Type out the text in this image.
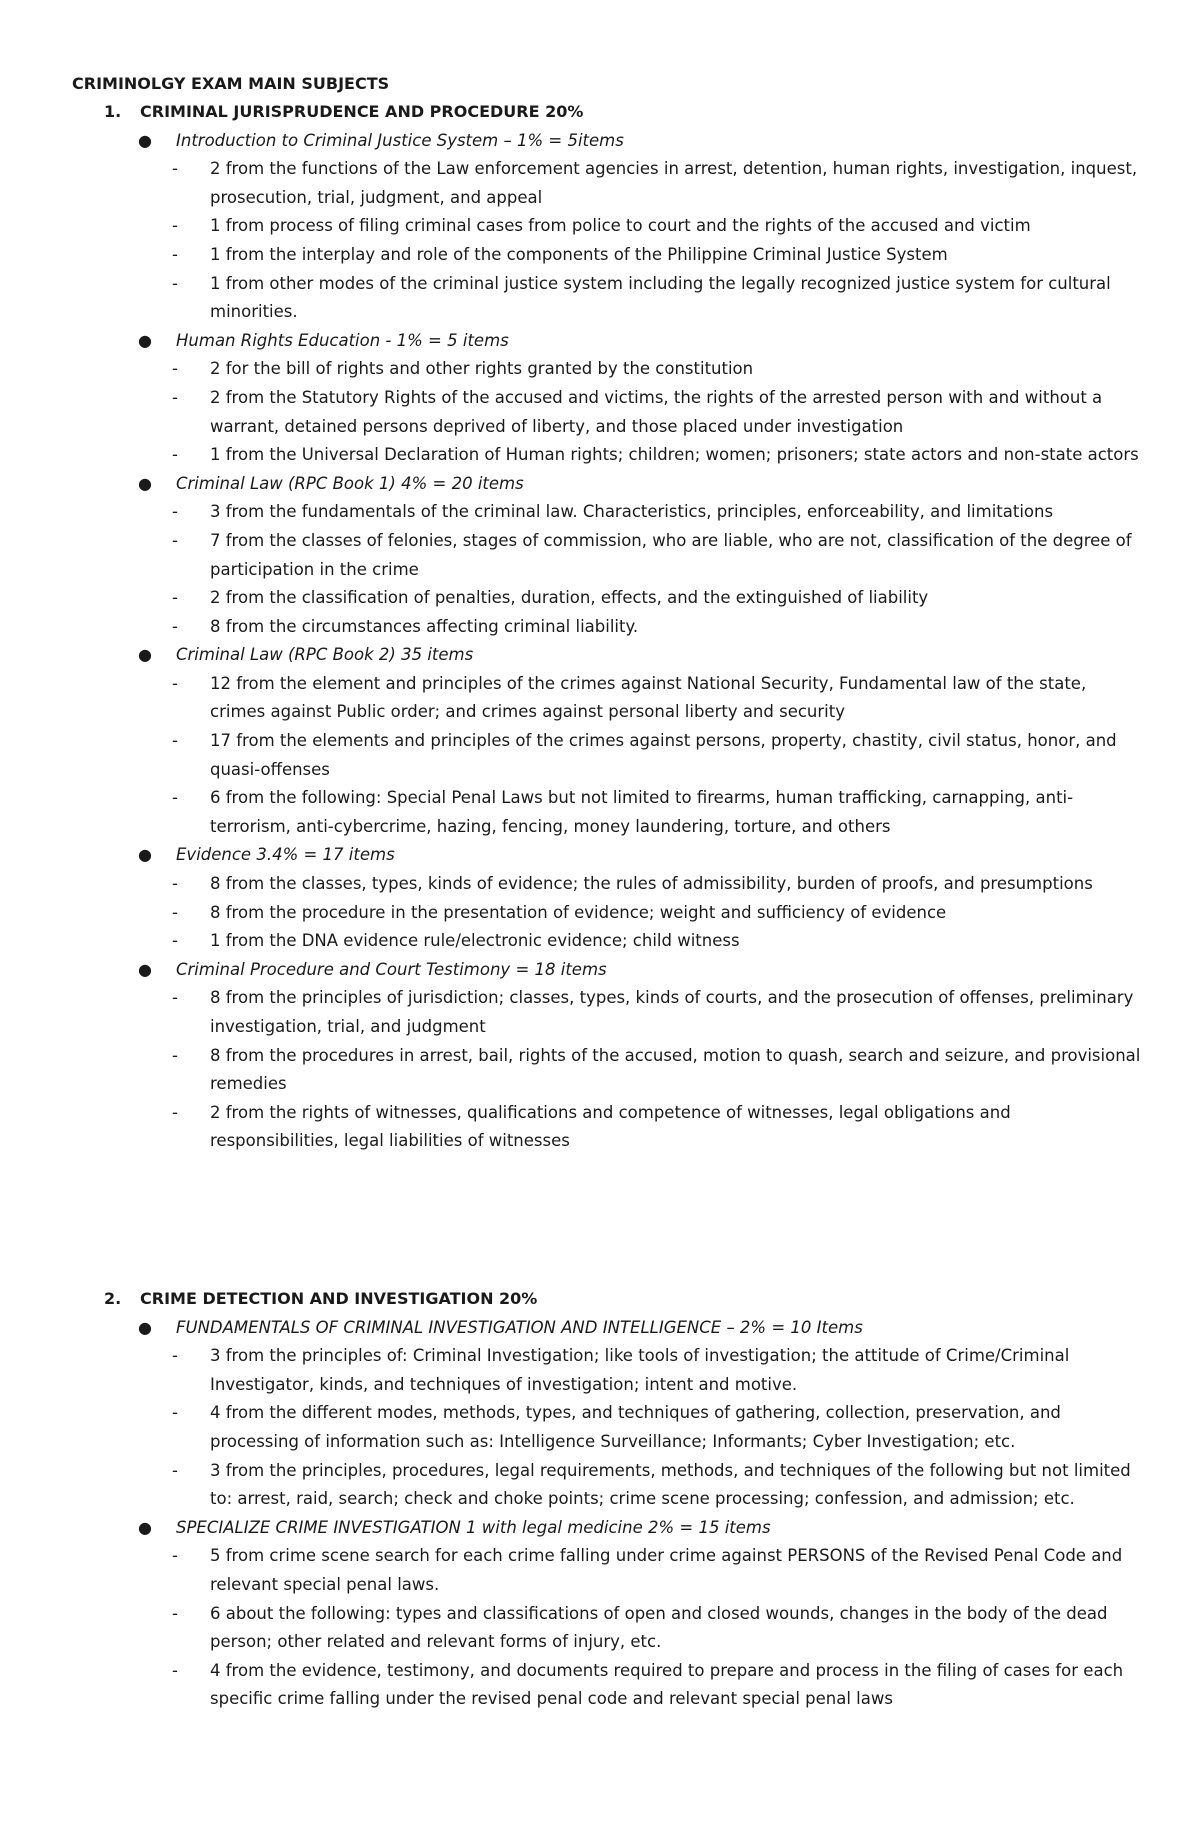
CRIMINOLGY EXAM MAIN SUBJECTS
1. CRIMINAL JURISPRUDENCE AND PROCEDURE 20%
● Introduction to Criminal Justice System – 1% = 5items
- 2 from the functions of the Law enforcement agencies in arrest, detention, human rights, investigation, inquest, prosecution, trial, judgment, and appeal
- 1 from process of filing criminal cases from police to court and the rights of the accused and victim
- 1 from the interplay and role of the components of the Philippine Criminal Justice System
- 1 from other modes of the criminal justice system including the legally recognized justice system for cultural minorities.
● Human Rights Education - 1% = 5 items
- 2 for the bill of rights and other rights granted by the constitution
- 2 from the Statutory Rights of the accused and victims, the rights of the arrested person with and without a warrant, detained persons deprived of liberty, and those placed under investigation
- 1 from the Universal Declaration of Human rights; children; women; prisoners; state actors and non-state actors
● Criminal Law (RPC Book 1) 4% = 20 items
- 3 from the fundamentals of the criminal law. Characteristics, principles, enforceability, and limitations
- 7 from the classes of felonies, stages of commission, who are liable, who are not, classification of the degree of participation in the crime
- 2 from the classification of penalties, duration, effects, and the extinguished of liability
- 8 from the circumstances affecting criminal liability.
● Criminal Law (RPC Book 2) 35 items
- 12 from the element and principles of the crimes against National Security, Fundamental law of the state, crimes against Public order; and crimes against personal liberty and security
- 17 from the elements and principles of the crimes against persons, property, chastity, civil status, honor, and quasi-offenses
- 6 from the following: Special Penal Laws but not limited to firearms, human trafficking, carnapping, anti-terrorism, anti-cybercrime, hazing, fencing, money laundering, torture, and others
● Evidence 3.4% = 17 items
- 8 from the classes, types, kinds of evidence; the rules of admissibility, burden of proofs, and presumptions
- 8 from the procedure in the presentation of evidence; weight and sufficiency of evidence
- 1 from the DNA evidence rule/electronic evidence; child witness
● Criminal Procedure and Court Testimony = 18 items
- 8 from the principles of jurisdiction; classes, types, kinds of courts, and the prosecution of offenses, preliminary investigation, trial, and judgment
- 8 from the procedures in arrest, bail, rights of the accused, motion to quash, search and seizure, and provisional remedies
- 2 from the rights of witnesses, qualifications and competence of witnesses, legal obligations and responsibilities, legal liabilities of witnesses
2. CRIME DETECTION AND INVESTIGATION 20%
● FUNDAMENTALS OF CRIMINAL INVESTIGATION AND INTELLIGENCE – 2% = 10 Items
- 3 from the principles of: Criminal Investigation; like tools of investigation; the attitude of Crime/Criminal Investigator, kinds, and techniques of investigation; intent and motive.
- 4 from the different modes, methods, types, and techniques of gathering, collection, preservation, and processing of information such as: Intelligence Surveillance; Informants; Cyber Investigation; etc.
- 3 from the principles, procedures, legal requirements, methods, and techniques of the following but not limited to: arrest, raid, search; check and choke points; crime scene processing; confession, and admission; etc.
● SPECIALIZE CRIME INVESTIGATION 1 with legal medicine 2% = 15 items
- 5 from crime scene search for each crime falling under crime against PERSONS of the Revised Penal Code and relevant special penal laws.
- 6 about the following: types and classifications of open and closed wounds, changes in the body of the dead person; other related and relevant forms of injury, etc.
- 4 from the evidence, testimony, and documents required to prepare and process in the filing of cases for each specific crime falling under the revised penal code and relevant special penal laws
